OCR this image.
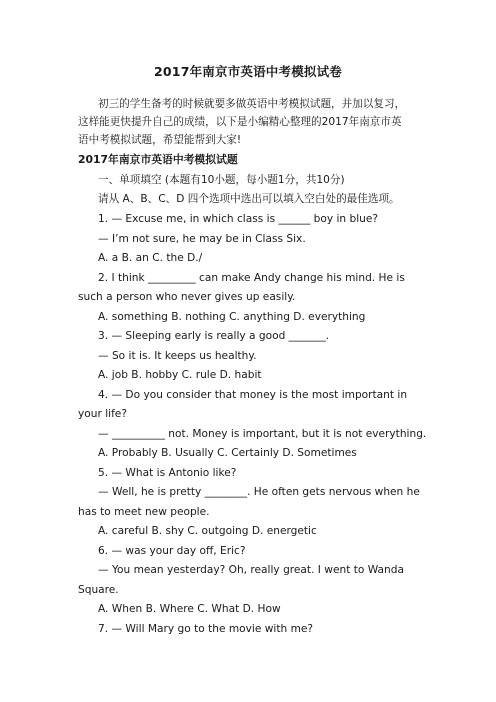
2017年南京市英语中考模拟试卷
初三的学生备考的时候就要多做英语中考模拟试题，并加以复习，
这样能更快提升自己的成绩，以下是小编精心整理的2017年南京市英
语中考模拟试题，希望能帮到大家!
2017年南京市英语中考模拟试题
一、单项填空 (本题有10小题，每小题1分，共10分)
请从 A、B、C、D 四个选项中选出可以填入空白处的最佳选项。
1. — Excuse me, in which class is ______ boy in blue?
— I’m not sure, he may be in Class Six.
A. a B. an C. the D./
2. I think _________ can make Andy change his mind. He is
such a person who never gives up easily.
A. something B. nothing C. anything D. everything
3. — Sleeping early is really a good _______.
— So it is. It keeps us healthy.
A. job B. hobby C. rule D. habit
4. — Do you consider that money is the most important in
your life?
— __________ not. Money is important, but it is not everything.
A. Probably B. Usually C. Certainly D. Sometimes
5. — What is Antonio like?
— Well, he is pretty ________. He often gets nervous when he
has to meet new people.
A. careful B. shy C. outgoing D. energetic
6. — was your day off, Eric?
— You mean yesterday? Oh, really great. I went to Wanda
Square.
A. When B. Where C. What D. How
7. — Will Mary go to the movie with me?
